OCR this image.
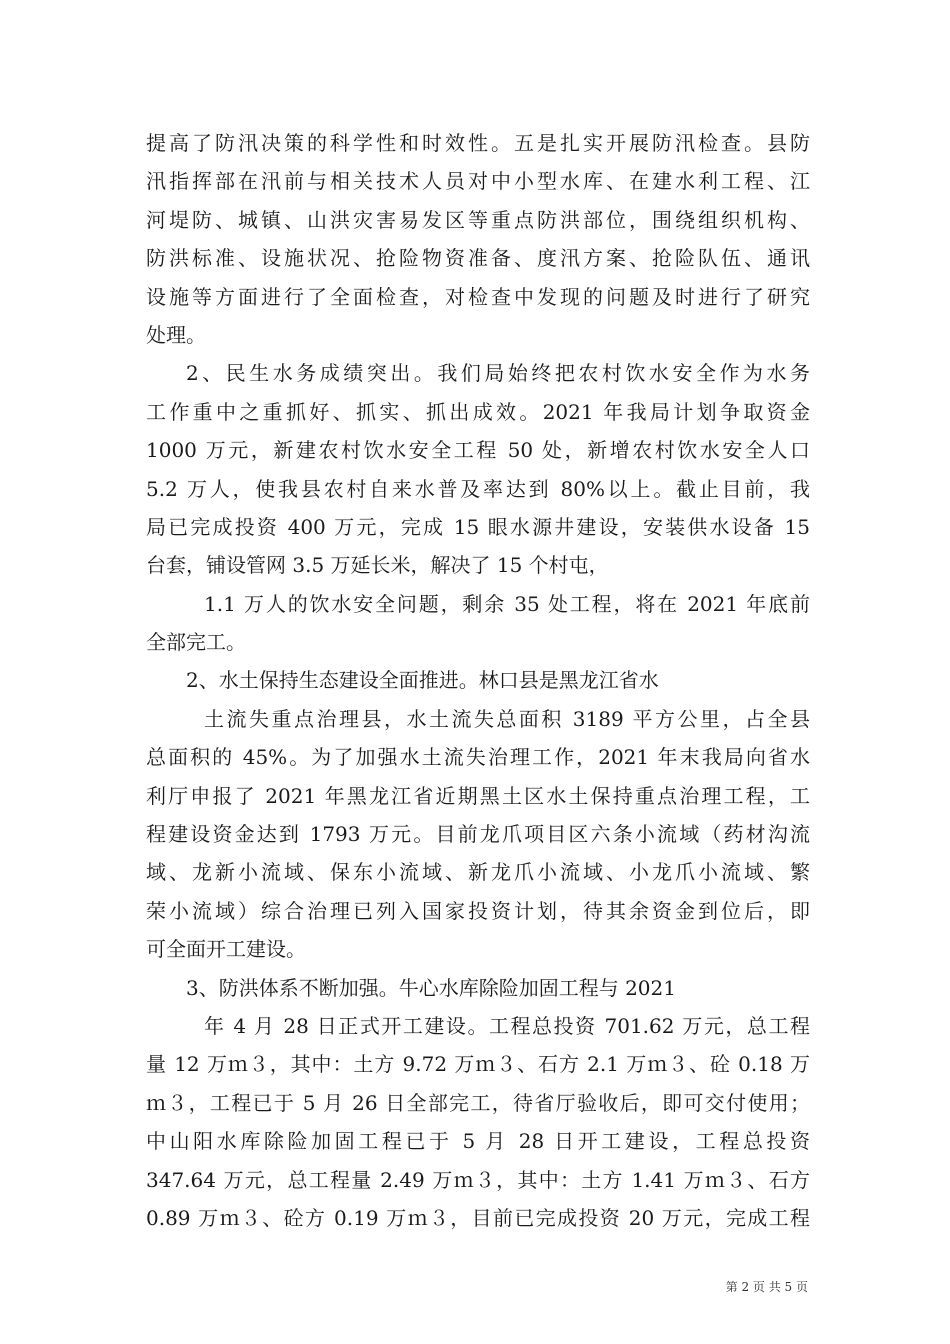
提高了防汛决策的科学性和时效性。五是扎实开展防汛检查。县防
汛指挥部在汛前与相关技术人员对中小型水库、在建水利工程、江
河堤防、城镇、山洪灾害易发区等重点防洪部位，围绕组织机构、
防洪标准、设施状况、抢险物资准备、度汛方案、抢险队伍、通讯
设施等方面进行了全面检查，对检查中发现的问题及时进行了研究
处理。
2、民生水务成绩突出。我们局始终把农村饮水安全作为水务
工作重中之重抓好、抓实、抓出成效。2021 年我局计划争取资金
1000 万元，新建农村饮水安全工程 50 处，新增农村饮水安全人口
5.2 万人，使我县农村自来水普及率达到 80%以上。截止目前，我
局已完成投资 400 万元，完成 15 眼水源井建设，安装供水设备 15
台套，铺设管网 3.5 万延长米，解决了 15 个村屯，
1.1 万人的饮水安全问题，剩余 35 处工程，将在 2021 年底前
全部完工。
2、水土保持生态建设全面推进。林口县是黑龙江省水
土流失重点治理县，水土流失总面积 3189 平方公里，占全县
总面积的 45%。为了加强水土流失治理工作，2021 年末我局向省水
利厅申报了 2021 年黑龙江省近期黑土区水土保持重点治理工程，工
程建设资金达到 1793 万元。目前龙爪项目区六条小流域（药材沟流
域、龙新小流域、保东小流域、新龙爪小流域、小龙爪小流域、繁
荣小流域）综合治理已列入国家投资计划，待其余资金到位后，即
可全面开工建设。
3、防洪体系不断加强。牛心水库除险加固工程与 2021
年 4 月 28 日正式开工建设。工程总投资 701.62 万元，总工程
量 12 万ｍ３，其中：土方 9.72 万ｍ３、石方 2.1 万ｍ３、砼 0.18 万
ｍ３，工程已于 5 月 26 日全部完工，待省厅验收后，即可交付使用；
中山阳水库除险加固工程已于 5 月 28 日开工建设，工程总投资
347.64 万元，总工程量 2.49 万ｍ３，其中：土方 1.41 万ｍ３、石方
0.89 万ｍ３、砼方 0.19 万ｍ３，目前已完成投资 20 万元，完成工程
第 2 页 共 5 页
